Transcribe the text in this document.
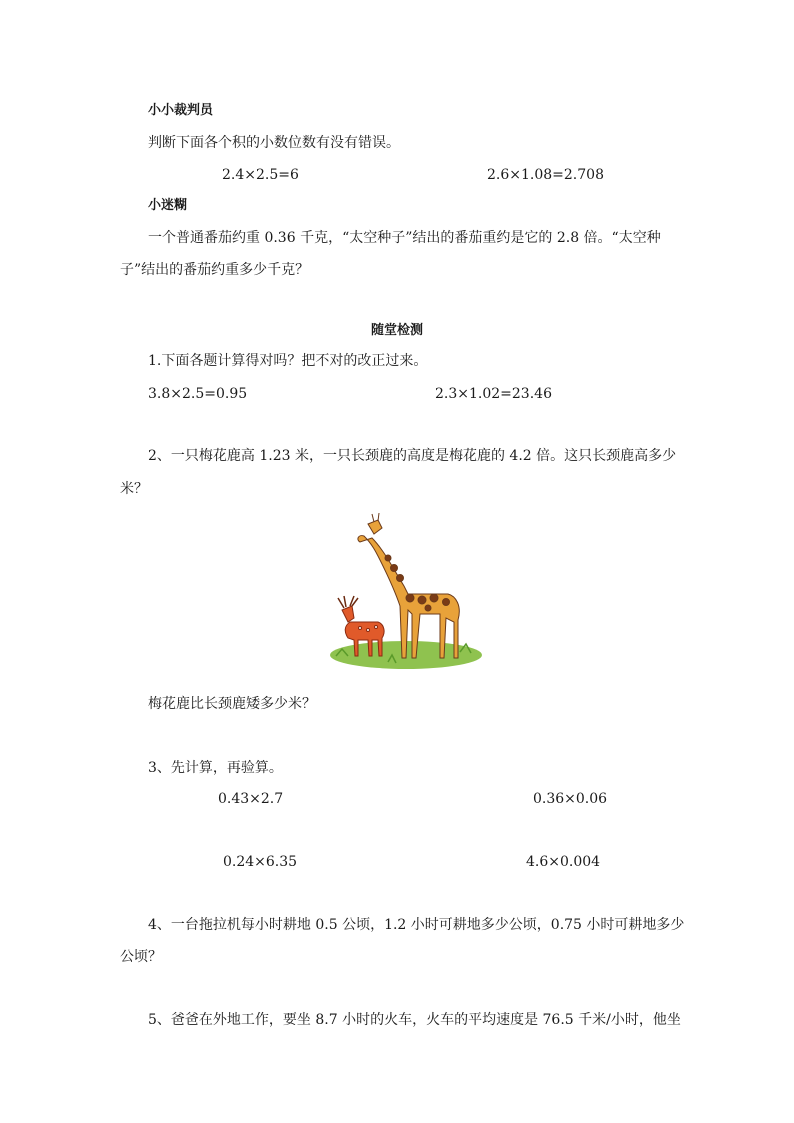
小小裁判员
判断下面各个积的小数位数有没有错误。
2.4×2.5=6	2.6×1.08=2.708
小迷糊
一个普通番茄约重 0.36 千克，“太空种子”结出的番茄重约是它的 2.8 倍。“太空种
子”结出的番茄约重多少千克？
随堂检测
1.下面各题计算得对吗？把不对的改正过来。
3.8×2.5=0.95	2.3×1.02=23.46
2、一只梅花鹿高 1.23 米，一只长颈鹿的高度是梅花鹿的 4.2 倍。这只长颈鹿高多少
米？
梅花鹿比长颈鹿矮多少米？
3、先计算，再验算。
0.43×2.7	0.36×0.06
0.24×6.35	4.6×0.004
4、一台拖拉机每小时耕地 0.5 公顷，1.2 小时可耕地多少公顷，0.75 小时可耕地多少
公顷？
5、爸爸在外地工作，要坐 8.7 小时的火车，火车的平均速度是 76.5 千米/小时，他坐
